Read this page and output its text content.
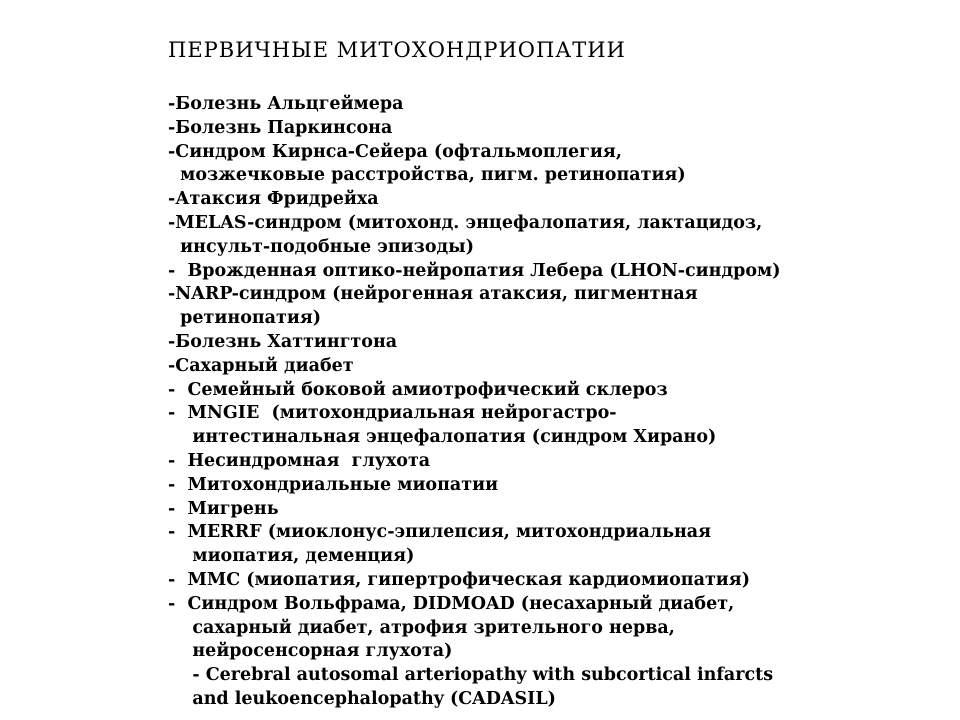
ПЕРВИЧНЫЕ МИТОХОНДРИОПАТИИ
-Болезнь Альцгеймера
-Болезнь Паркинсона
-Синдром Кирнса-Сейера (офтальмоплегия,
мозжечковые расстройства, пигм. ретинопатия)
-Атаксия Фридрейха
-MELAS-синдром (митохонд. энцефалопатия, лактацидоз,
инсульт-подобные эпизоды)
-  Врожденная оптико-нейропатия Лебера (LHON-синдром)
-NARP-синдром (нейрогенная атаксия, пигментная
ретинопатия)
-Болезнь Хаттингтона
-Сахарный диабет
-  Семейный боковой амиотрофический склероз
-  MNGIE  (митохондриальная нейрогастро-
интестинальная энцефалопатия (синдром Хирано)
-  Несиндромная  глухота
-  Митохондриальные миопатии
-  Мигрень
-  MERRF (миоклонус-эпилепсия, митохондриальная
миопатия, деменция)
-  MMC (миопатия, гипертрофическая кардиомиопатия)
-  Синдром Вольфрама, DIDMOAD (несахарный диабет,
сахарный диабет, атрофия зрительного нерва,
нейросенсорная глухота)
- Cerebral autosomal arteriopathy with subcortical infarcts
and leukoencephalopathy (CADASIL)
